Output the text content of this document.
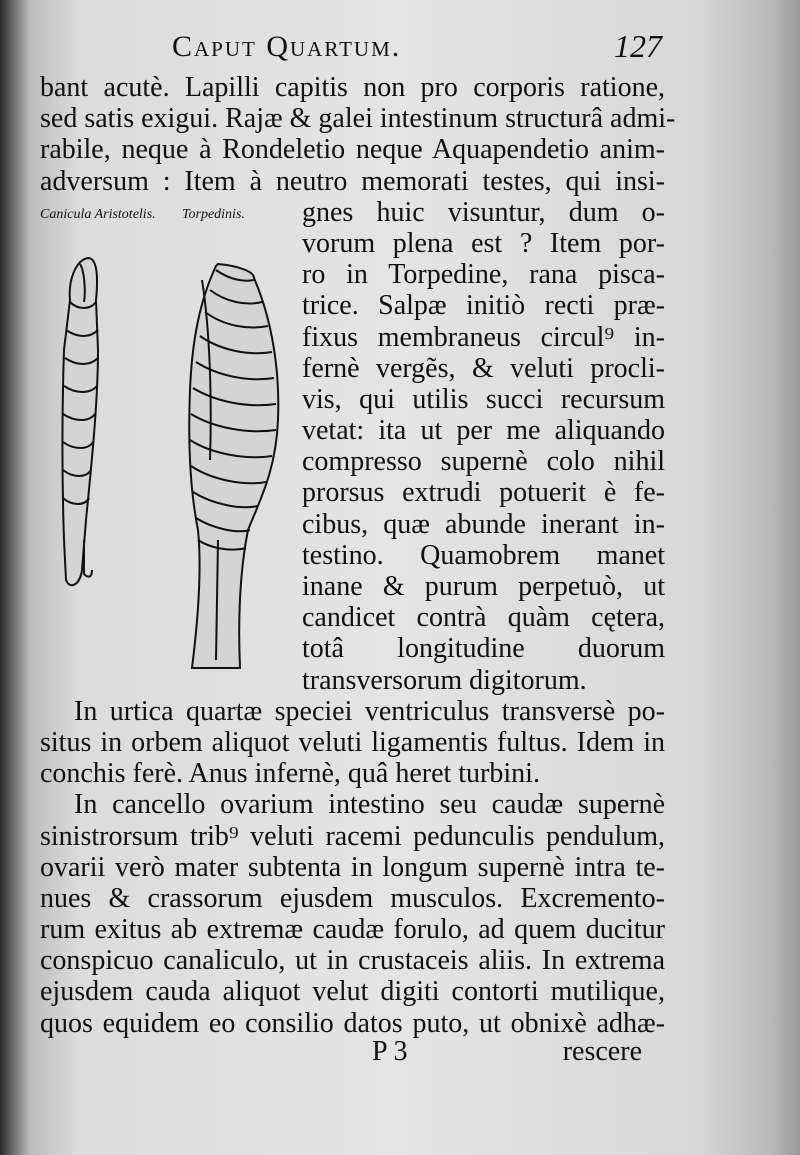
Caput Quartum.	127
Canicula Aristotelis. Torpedinis.
bant acutè. Lapilli capitis non pro corporis ratione,
sed satis exigui. Rajæ & galei intestinum structurâ admi-
rabile, neque à Rondeletio neque Aquapendetio anim-
adversum : Item à neutro memorati testes, qui insi-
gnes huic visuntur, dum o-
vorum plena est ? Item por-
ro in Torpedine, rana pisca-
trice. Salpæ initiò recti præ-
fixus membraneus circul⁹ in-
fernè vergẽs, & veluti procli-
vis, qui utilis succi recursum
vetat: ita ut per me aliquando
compresso supernè colo nihil
prorsus extrudi potuerit è fe-
cibus, quæ abunde inerant in-
testino. Quamobrem manet
inane & purum perpetuò, ut
candicet contrà quàm cętera,
totâ longitudine duorum
transversorum digitorum.
In urtica quartæ speciei ventriculus transversè po-
situs in orbem aliquot veluti ligamentis fultus. Idem in
conchis ferè. Anus infernè, quâ heret turbini.
In cancello ovarium intestino seu caudæ supernè
sinistrorsum trib⁹ veluti racemi pedunculis pendulum,
ovarii verò mater subtenta in longum supernè intra te-
nues & crassorum ejusdem musculos. Excremento-
rum exitus ab extremæ caudæ forulo, ad quem ducitur
conspicuo canaliculo, ut in crustaceis aliis. In extrema
ejusdem cauda aliquot velut digiti contorti mutilique,
quos equidem eo consilio datos puto, ut obnixè adhæ-
P 3	rescere
